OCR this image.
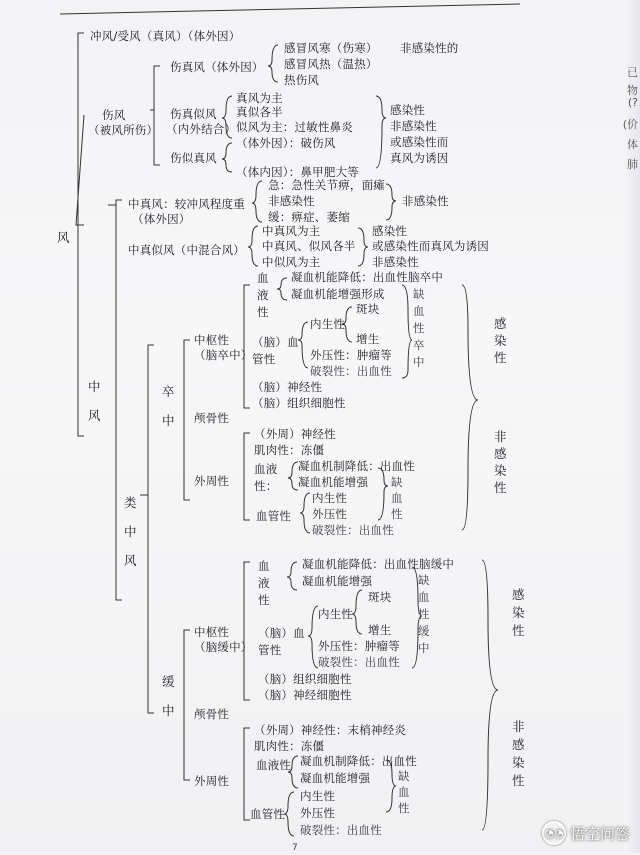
风
中风
类中风
卒中
缓中
冲风/受风（真风）（体外因）
伤风
（被风所伤）
伤真风（体外因）
感冒风寒（伤寒）
感冒风热（温热）
热伤风
非感染性的
伤真似风
（内外结合）
真风为主
真似各半
似风为主：过敏性鼻炎
伤似真风
（体外因）：破伤风
（体内因）：鼻甲肥大等
感染性
非感染性
或感染性而
真风为诱因
中真风：较冲风程度重
（体外因）
急：急性关节痹，面瘫
非感染性
缓：痹症、萎缩
非感染性
中真似风（中混合风）
中真风为主
中真风、似风各半
中似风为主
感染性
或感染性而真风为诱因
非感染性
中枢性
（脑卒中）
血液性
凝血机能降低：出血性脑卒中
凝血机能增强形成
（脑）血管性
内生性
斑块
增生
外压性：肿瘤等
破裂性：出血性
（脑）神经性
（脑）组织细胞性
缺血性卒中
颅骨性
外周性
（外周）神经性
肌肉性：冻僵
血液性：
凝血机制降低：出血性
凝血机能增强
血管性
内生性
外压性
破裂性：出血性
缺血性
感染性
非感染性
中枢性
（脑缓中）
血液性
凝血机能降低：出血性脑缓中
凝血机能增强
（脑）血管性
内生性
斑块
增生
外压性：肿瘤等
破裂性：出血性
（脑）组织细胞性
（脑）神经细胞性
缺血性缓中
颅骨性
外周性
（外周）神经性：末梢神经炎
肌肉性：冻僵
血液性 凝血机制降低：出血性
凝血机能增强
血管性
内生性
外压性
破裂性：出血性
缺血性
感染性
非感染性
7
已
物
(?
(价
体
肺
◔◔ 悟空问答
